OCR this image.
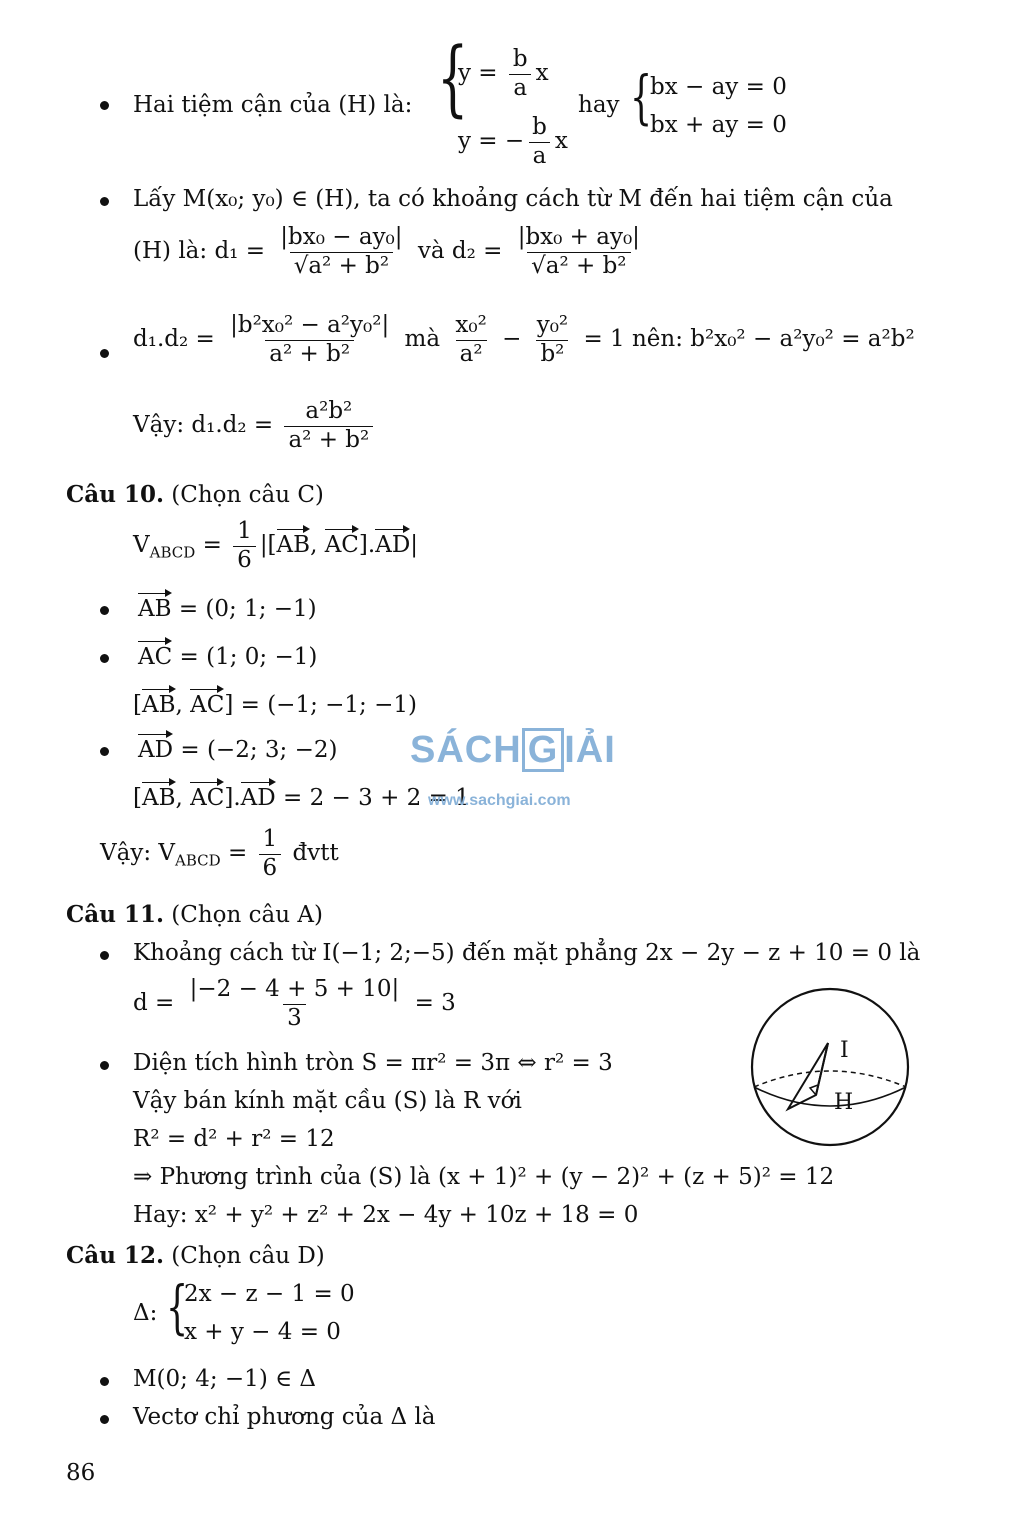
Hai tiệm cận của (H) là: {
$y = \frac{b}{a}$ x
y = − $\frac{b}{a}$ x
hay {
bx − ay = 0
bx + ay = 0
Lấy M(x₀; y₀) ∈ (H), ta có khoảng cách từ M đến hai tiệm cận của
(H) là: $d_1 = \frac{\text{|bx₀ − ay₀|}}{\text{√a² + b²}}$ và $d_2 = \frac{\text{|bx₀ + ay₀|}}{\text{√a² + b²}}$
$d_1.d_2 = \frac{\text{|b²x₀² − a²y₀²|}}{\text{a² + b²}}$ mà $\frac{\text{x₀²}}{\text{a²}} - \frac{\text{y₀²}}{\text{b²}} = 1$ nên: b²x₀² − a²y₀² = a²b²
Vậy: $d_1.d_2 = \frac{\text{a²b²}}{\text{a² + b²}}$
Câu 10. (Chọn câu C)
$V_{ABCD} = \frac{1}{6} |[AB$, AC].AD|
AB = (0; 1; −1)
AC = (1; 0; −1)
[AB, AC] = (−1; −1; −1)
AD = (−2; 3; −2)
[AB, AC].AD = 2 − 3 + 2 = 1
SÁCH G IẢI
www.sachgiai.com
Vậy: $V_{ABCD} = \frac{1}{6}$ đvtt
Câu 11. (Chọn câu A)
Khoảng cách từ I(−1; 2;−5) đến mặt phẳng 2x − 2y − z + 10 = 0 là
$d = \frac{|-2 - 4 + 5 + 10|}{3} = 3$
Diện tích hình tròn S = πr² = 3π ⇔ r² = 3
Vậy bán kính mặt cầu (S) là R với
R² = d² + r² = 12
⇒ Phương trình của (S) là (x + 1)² + (y − 2)² + (z + 5)² = 12
Hay: x² + y² + z² + 2x − 4y + 10z + 18 = 0
I
H
Câu 12. (Chọn câu D)
Δ: {
2x − z − 1 = 0
x + y − 4 = 0
M(0; 4; −1) ∈ Δ
Vectơ chỉ phương của Δ là
86
